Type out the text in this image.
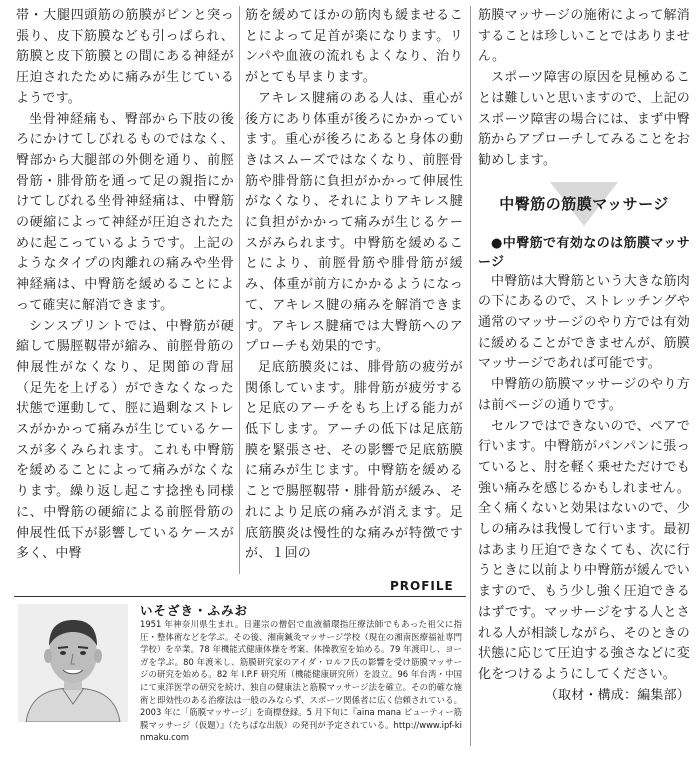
帯・大腿四頭筋の筋膜がピンと突っ張り、皮下筋膜なども引っぱられ、筋膜と皮下筋膜との間にある神経が圧迫されたために痛みが生じているようです。

坐骨神経痛も、臀部から下肢の後ろにかけてしびれるものではなく、臀部から大腿部の外側を通り、前脛骨筋・腓骨筋を通って足の親指にかけてしびれる坐骨神経痛は、中臀筋の硬縮によって神経が圧迫されたために起こっているようです。上記のようなタイプの肉離れの痛みや坐骨神経痛は、中臀筋を緩めることによって確実に解消できます。

シンスプリントでは、中臀筋が硬縮して腸脛靱帯が縮み、前脛骨筋の伸展性がなくなり、足関節の背屈（足先を上げる）ができなくなった状態で運動して、脛に過剰なストレスがかかって痛みが生じているケースが多くみられます。これも中臀筋を緩めることによって痛みがなくなります。繰り返し起こす捻挫も同様に、中臀筋の硬縮による前脛骨筋の伸展性低下が影響しているケースが多く、中臀

筋を緩めてほかの筋肉も緩ませることによって足首が楽になります。リンパや血液の流れもよくなり、治りがとても早まります。

アキレス腱痛のある人は、重心が後方にあり体重が後ろにかかっています。重心が後ろにあると身体の動きはスムーズではなくなり、前脛骨筋や腓骨筋に負担がかかって伸展性がなくなり、それによりアキレス腱に負担がかかって痛みが生じるケースがみられます。中臀筋を緩めることにより、前脛骨筋や腓骨筋が緩み、体重が前方にかかるようになって、アキレス腱の痛みを解消できます。アキレス腱痛では大臀筋へのアプローチも効果的です。

足底筋膜炎には、腓骨筋の疲労が関係しています。腓骨筋が疲労すると足底のアーチをもち上げる能力が低下します。アーチの低下は足底筋膜を緊張させ、その影響で足底筋膜に痛みが生じます。中臀筋を緩めることで腸脛靱帯・腓骨筋が緩み、それにより足底の痛みが消えます。足底筋膜炎は慢性的な痛みが特徴ですが、１回の

筋膜マッサージの施術によって解消することは珍しいことではありません。

スポーツ障害の原因を見極めることは難しいと思いますので、上記のスポーツ障害の場合には、まず中臀筋からアプローチしてみることをお勧めします。

中臀筋の筋膜マッサージ

●中臀筋で有効なのは筋膜マッサージ

中臀筋は大臀筋という大きな筋肉の下にあるので、ストレッチングや通常のマッサージのやり方では有効に緩めることができませんが、筋膜マッサージであれば可能です。

中臀筋の筋膜マッサージのやり方は前ページの通りです。

セルフではできないので、ペアで行います。中臀筋がパンパンに張っていると、肘を軽く乗せただけでも強い痛みを感じるかもしれません。全く痛くないと効果はないので、少しの痛みは我慢して行います。最初はあまり圧迫できなくても、次に行うときに以前より中臀筋が緩んでいますので、もう少し強く圧迫できるはずです。マッサージをする人とされる人が相談しながら、そのときの状態に応じて圧迫する強さなどに変化をつけるようにしてください。

（取材・構成：編集部）

PROFILE
いそざき・ふみお
1951 年神奈川県生まれ。日蓮宗の僧侶で血液循環指圧療法師でもあった祖父に指圧・整体術などを学ぶ。その後、湘南鍼灸マッサージ学校（現在の湘南医療福祉専門学校）を卒業。78 年機能式健康体操を考案、体操教室を始める。79 年渡印し、ヨーガを学ぶ。80 年渡米し、筋膜研究家のアイダ・ロルフ氏の影響を受け筋膜マッサージの研究を始める。82 年 I.P.F 研究所（機能健康研究所）を設立。96 年台湾・中国にて東洋医学の研究を続け、独自の健康法と筋膜マッサージ法を確立。その的確な施術と即効性のある治療法は一般のみならず、スポーツ関係者に広く信頼されている。2003 年に「筋膜マッサージ」を商標登録。5 月下旬に『aina mana ビューティー筋膜マッサージ（仮題）』（たちばな出版）の発刊が予定されている。http://www.ipf-kinmaku.com
